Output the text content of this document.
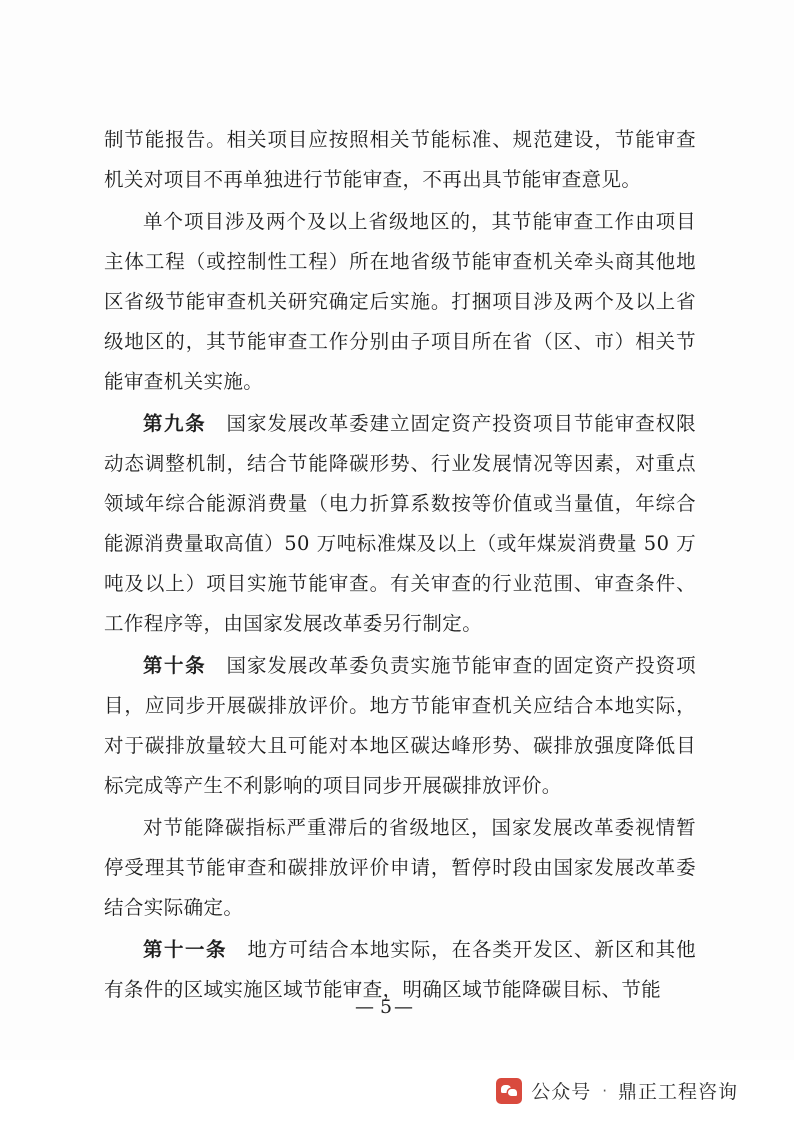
制节能报告。相关项目应按照相关节能标准、规范建设，节能审查机关对项目不再单独进行节能审查，不再出具节能审查意见。

单个项目涉及两个及以上省级地区的，其节能审查工作由项目主体工程（或控制性工程）所在地省级节能审查机关牵头商其他地区省级节能审查机关研究确定后实施。打捆项目涉及两个及以上省级地区的，其节能审查工作分别由子项目所在省（区、市）相关节能审查机关实施。

第九条　国家发展改革委建立固定资产投资项目节能审查权限动态调整机制，结合节能降碳形势、行业发展情况等因素，对重点领域年综合能源消费量（电力折算系数按等价值或当量值，年综合能源消费量取高值）50 万吨标准煤及以上（或年煤炭消费量 50 万吨及以上）项目实施节能审查。有关审查的行业范围、审查条件、工作程序等，由国家发展改革委另行制定。

第十条　国家发展改革委负责实施节能审查的固定资产投资项目，应同步开展碳排放评价。地方节能审查机关应结合本地实际，对于碳排放量较大且可能对本地区碳达峰形势、碳排放强度降低目标完成等产生不利影响的项目同步开展碳排放评价。

对节能降碳指标严重滞后的省级地区，国家发展改革委视情暂停受理其节能审查和碳排放评价申请，暂停时段由国家发展改革委结合实际确定。

第十一条　地方可结合本地实际，在各类开发区、新区和其他有条件的区域实施区域节能审查，明确区域节能降碳目标、节能

—5—
公众号 · 鼎正工程咨询
